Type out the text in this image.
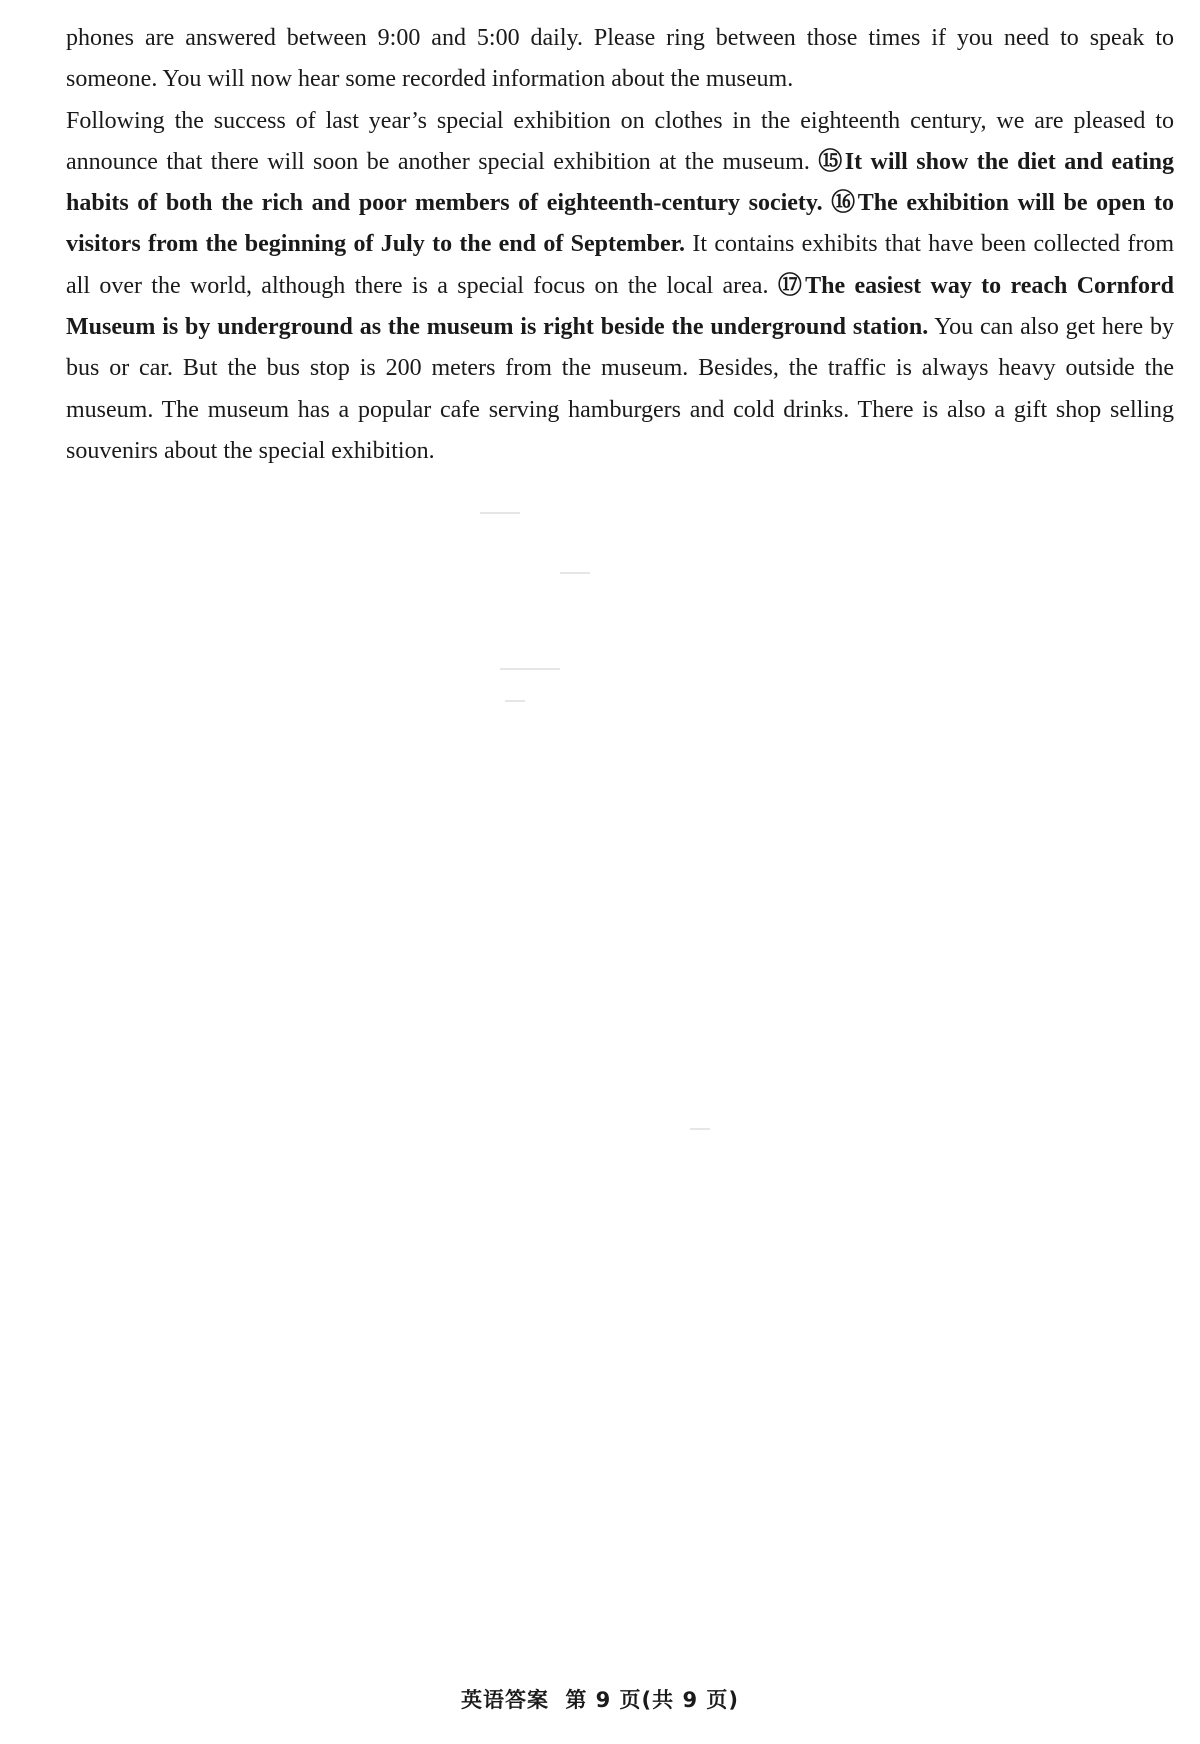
phones are answered between 9:00 and 5:00 daily. Please ring between those times if you need to speak to someone. You will now hear some recorded information about the museum.

Following the success of last year’s special exhibition on clothes in the eighteenth century, we are pleased to announce that there will soon be another special exhibition at the museum. ⑮It will show the diet and eating habits of both the rich and poor members of eighteenth-century society. ⑯The exhibition will be open to visitors from the beginning of July to the end of September. It contains exhibits that have been collected from all over the world, although there is a special focus on the local area. ⑰The easiest way to reach Cornford Museum is by underground as the museum is right beside the underground station. You can also get here by bus or car. But the bus stop is 200 meters from the museum. Besides, the traffic is always heavy outside the museum. The museum has a popular cafe serving hamburgers and cold drinks. There is also a gift shop selling souvenirs about the special exhibition.

英语答案 第 9 页(共 9 页)
